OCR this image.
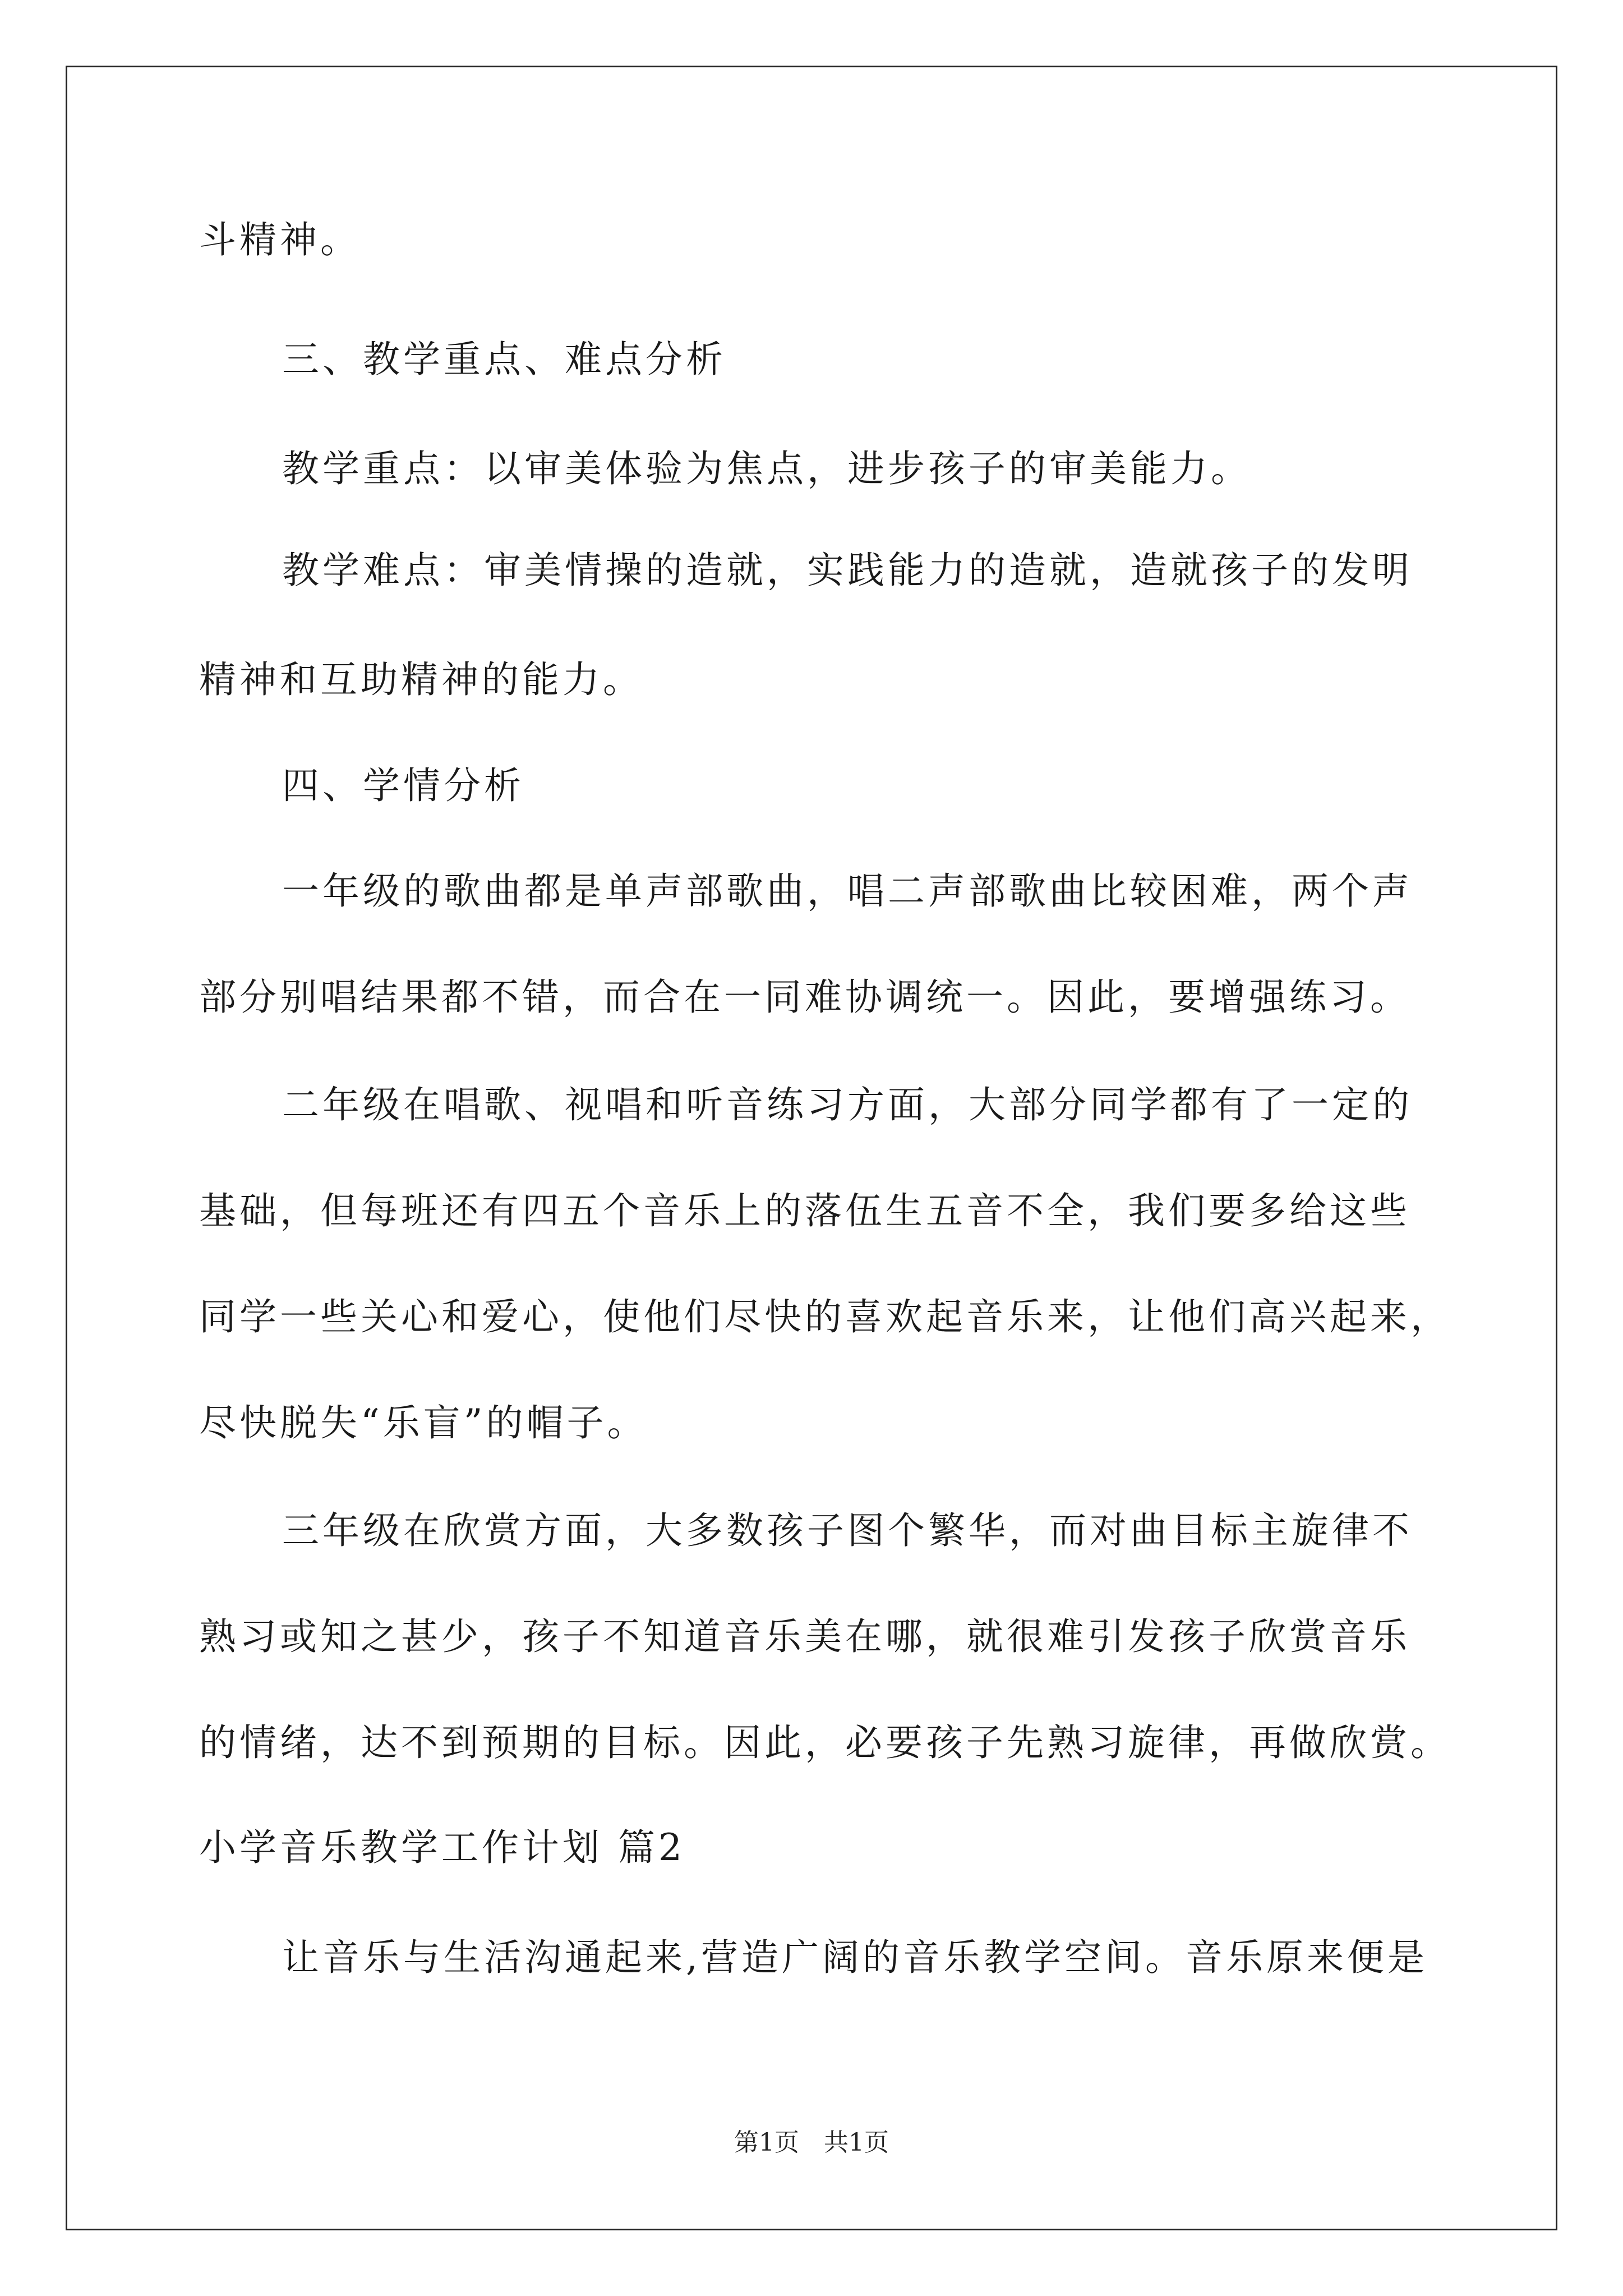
斗精神。
三、教学重点、难点分析
教学重点：以审美体验为焦点，进步孩子的审美能力。
教学难点：审美情操的造就，实践能力的造就，造就孩子的发明
精神和互助精神的能力。
四、学情分析
一年级的歌曲都是单声部歌曲，唱二声部歌曲比较困难，两个声
部分别唱结果都不错，而合在一同难协调统一。因此，要增强练习。
二年级在唱歌、视唱和听音练习方面，大部分同学都有了一定的
基础，但每班还有四五个音乐上的落伍生五音不全，我们要多给这些
同学一些关心和爱心，使他们尽快的喜欢起音乐来，让他们高兴起来，
尽快脱失“乐盲”的帽子。
三年级在欣赏方面，大多数孩子图个繁华，而对曲目标主旋律不
熟习或知之甚少，孩子不知道音乐美在哪，就很难引发孩子欣赏音乐
的情绪，达不到预期的目标。因此，必要孩子先熟习旋律，再做欣赏。
小学音乐教学工作计划 篇2
让音乐与生活沟通起来,营造广阔的音乐教学空间。音乐原来便是
第1页　共1页
